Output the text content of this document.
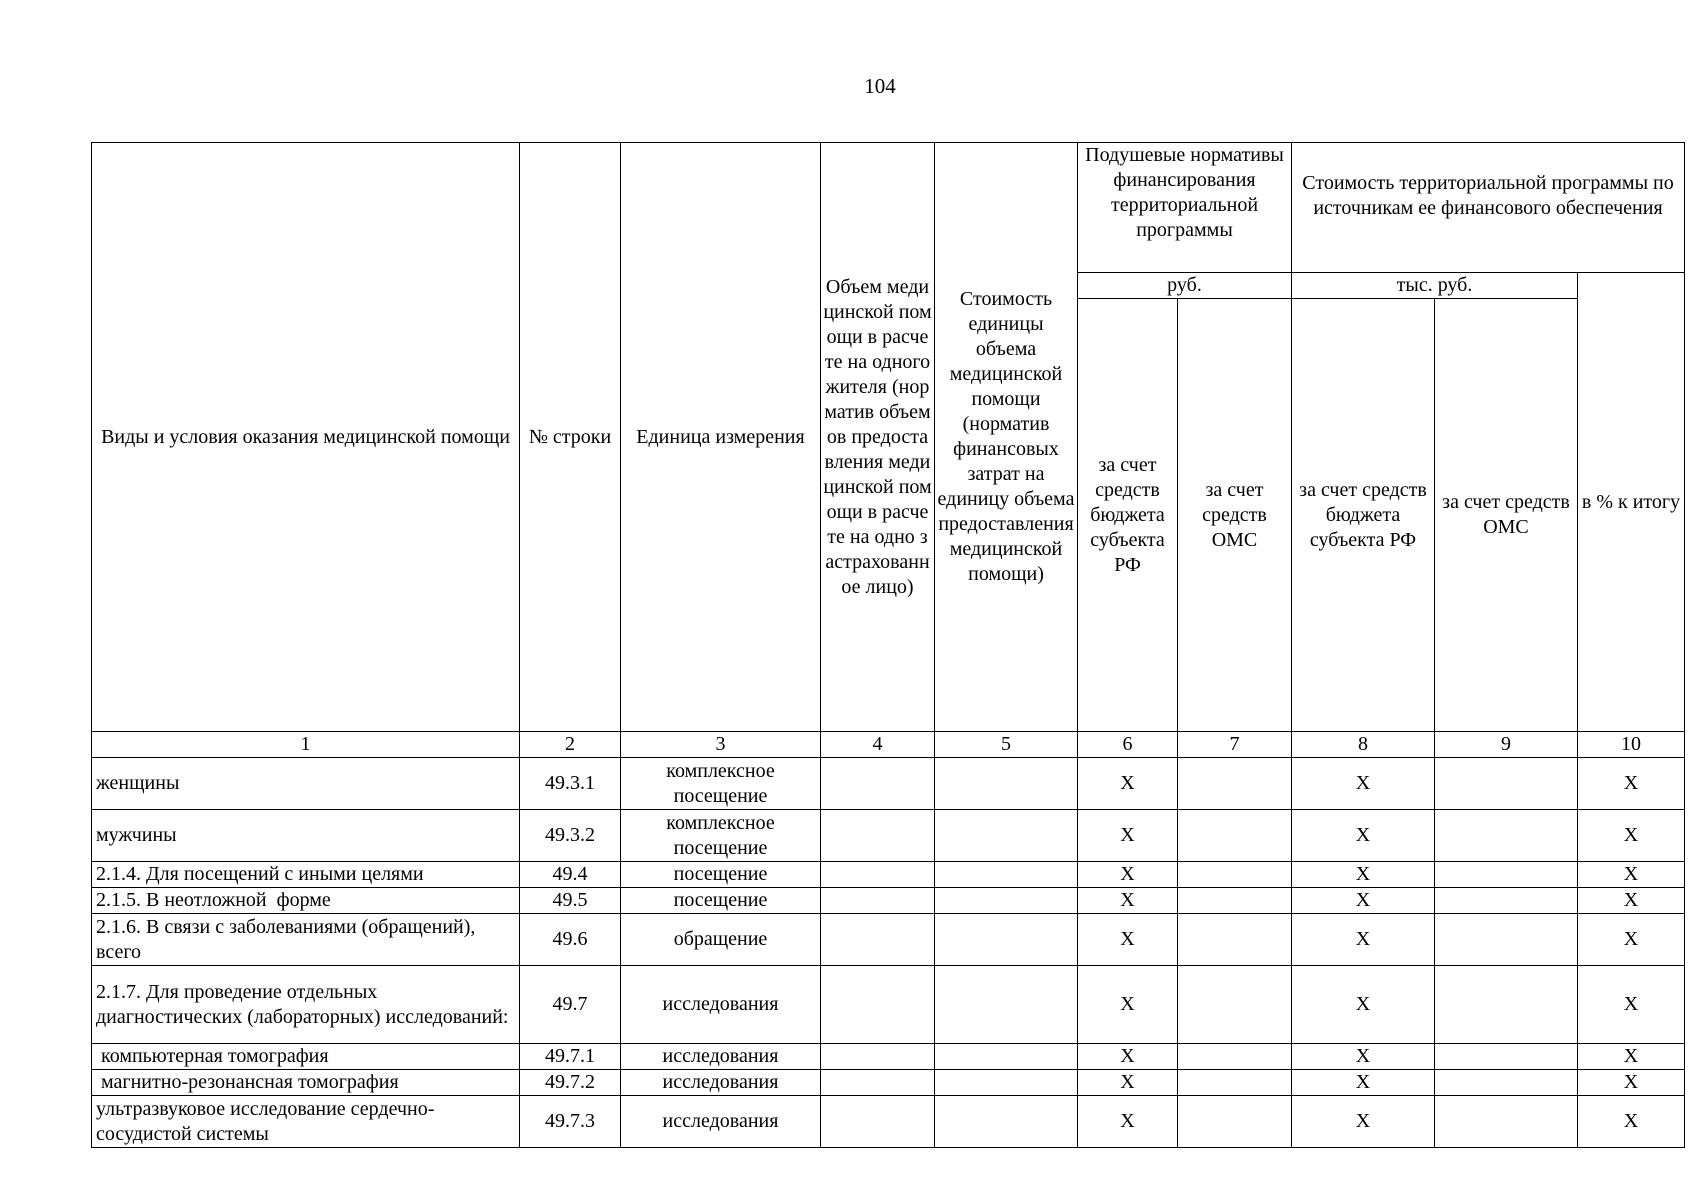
104
Виды и условия оказания медицинской помощи	№ строки	Единица измерения	Объем медицинской помощи в расчете на одного жителя (норматив объемов предоставления медицинской помощи в расчете на одно застрахованное лицо)	Стоимость единицы объема медицинской помощи (норматив финансовых затрат на единицу объема предоставления медицинской помощи)	Подушевые нормативы финансирования территориальной программы		Стоимость территориальной программы по источникам ее финансового обеспечения		
					руб.		тыс. руб.		в % к итогу
					за счет средств бюджета субъекта РФ	за счет средств ОМС	за счет средств бюджета субъекта РФ	за счет средств ОМС	
1	2	3	4	5	6	7	8	9	10
женщины	49.3.1	комплексное посещение			Х		Х		Х
мужчины	49.3.2	комплексное посещение			Х		Х		Х
2.1.4. Для посещений с иными целями	49.4	посещение			Х		Х		Х
2.1.5. В неотложной  форме	49.5	посещение			Х		Х		Х
2.1.6. В связи с заболеваниями (обращений), всего	49.6	обращение			Х		Х		Х
2.1.7. Для проведение отдельных диагностических (лабораторных) исследований:	49.7	исследования			Х		Х		Х
компьютерная томография	49.7.1	исследования			Х		Х		Х
магнитно-резонансная томография	49.7.2	исследования			Х		Х		Х
ультразвуковое исследование сердечно-сосудистой системы	49.7.3	исследования			Х		Х		Х
